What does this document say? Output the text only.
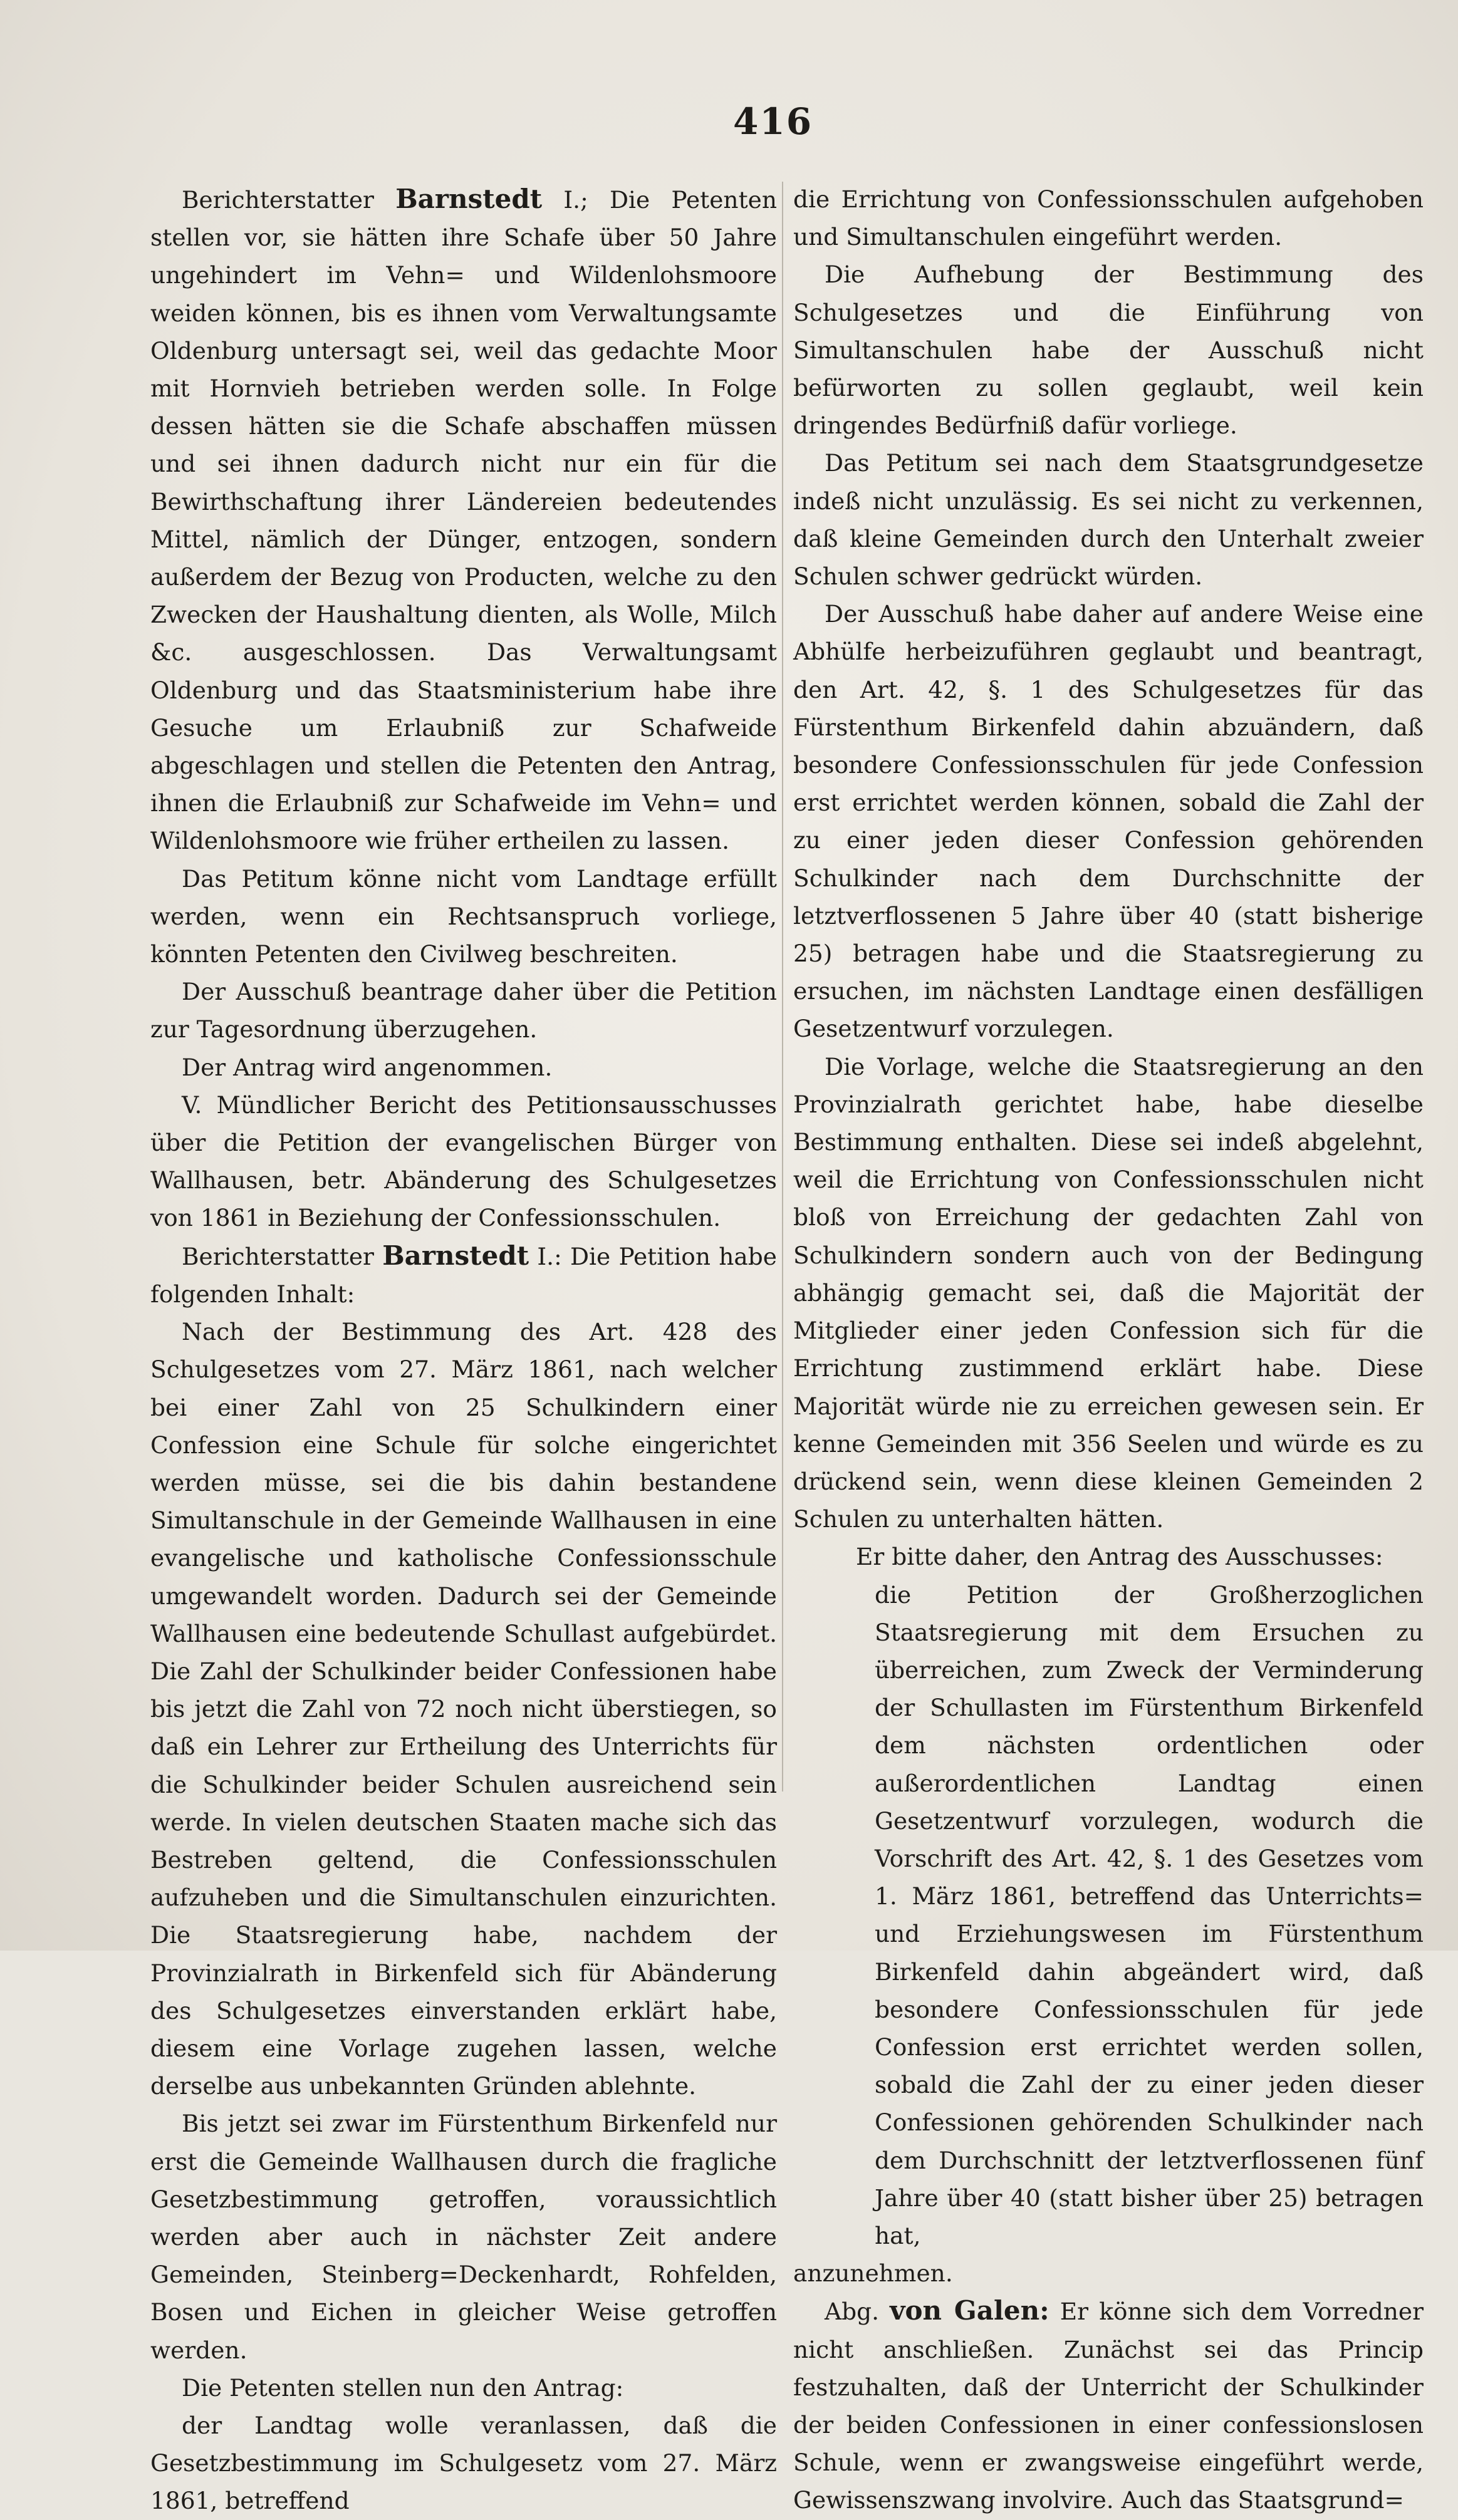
416

Berichterstatter Barnstedt I.; Die Petenten stellen vor, sie hätten ihre Schafe über 50 Jahre ungehindert im Vehn= und Wildenlohsmoore weiden können, bis es ihnen vom Verwaltungsamte Oldenburg untersagt sei, weil das gedachte Moor mit Hornvieh betrieben werden solle. In Folge dessen hätten sie die Schafe abschaffen müssen und sei ihnen dadurch nicht nur ein für die Bewirthschaftung ihrer Ländereien bedeutendes Mittel, nämlich der Dünger, entzogen, sondern außerdem der Bezug von Producten, welche zu den Zwecken der Haushaltung dienten, als Wolle, Milch &c. ausgeschlossen. Das Verwaltungsamt Oldenburg und das Staatsministerium habe ihre Gesuche um Erlaubniß zur Schafweide abgeschlagen und stellen die Petenten den Antrag, ihnen die Erlaubniß zur Schafweide im Vehn= und Wildenlohsmoore wie früher ertheilen zu lassen.

Das Petitum könne nicht vom Landtage erfüllt werden, wenn ein Rechtsanspruch vorliege, könnten Petenten den Civilweg beschreiten.

Der Ausschuß beantrage daher über die Petition zur Tagesordnung überzugehen.

Der Antrag wird angenommen.

V. Mündlicher Bericht des Petitionsausschusses über die Petition der evangelischen Bürger von Wallhausen, betr. Abänderung des Schulgesetzes von 1861 in Beziehung der Confessionsschulen.

Berichterstatter Barnstedt I.: Die Petition habe folgenden Inhalt:

Nach der Bestimmung des Art. 428 des Schulgesetzes vom 27. März 1861, nach welcher bei einer Zahl von 25 Schulkindern einer Confession eine Schule für solche eingerichtet werden müsse, sei die bis dahin bestandene Simultanschule in der Gemeinde Wallhausen in eine evangelische und katholische Confessionsschule umgewandelt worden. Dadurch sei der Gemeinde Wallhausen eine bedeutende Schullast aufgebürdet. Die Zahl der Schulkinder beider Confessionen habe bis jetzt die Zahl von 72 noch nicht überstiegen, so daß ein Lehrer zur Ertheilung des Unterrichts für die Schulkinder beider Schulen ausreichend sein werde. In vielen deutschen Staaten mache sich das Bestreben geltend, die Confessionsschulen aufzuheben und die Simultanschulen einzurichten. Die Staatsregierung habe, nachdem der Provinzialrath in Birkenfeld sich für Abänderung des Schulgesetzes einverstanden erklärt habe, diesem eine Vorlage zugehen lassen, welche derselbe aus unbekannten Gründen ablehnte.

Bis jetzt sei zwar im Fürstenthum Birkenfeld nur erst die Gemeinde Wallhausen durch die fragliche Gesetzbestimmung getroffen, voraussichtlich werden aber auch in nächster Zeit andere Gemeinden, Steinberg=Deckenhardt, Rohfelden, Bosen und Eichen in gleicher Weise getroffen werden.

Die Petenten stellen nun den Antrag:

der Landtag wolle veranlassen, daß die Gesetzbestimmung im Schulgesetz vom 27. März 1861, betreffend

die Errichtung von Confessionsschulen aufgehoben und Simultanschulen eingeführt werden.

Die Aufhebung der Bestimmung des Schulgesetzes und die Einführung von Simultanschulen habe der Ausschuß nicht befürworten zu sollen geglaubt, weil kein dringendes Bedürfniß dafür vorliege.

Das Petitum sei nach dem Staatsgrundgesetze indeß nicht unzulässig. Es sei nicht zu verkennen, daß kleine Gemeinden durch den Unterhalt zweier Schulen schwer gedrückt würden.

Der Ausschuß habe daher auf andere Weise eine Abhülfe herbeizuführen geglaubt und beantragt, den Art. 42, §. 1 des Schulgesetzes für das Fürstenthum Birkenfeld dahin abzuändern, daß besondere Confessionsschulen für jede Confession erst errichtet werden können, sobald die Zahl der zu einer jeden dieser Confession gehörenden Schulkinder nach dem Durchschnitte der letztverflossenen 5 Jahre über 40 (statt bisherige 25) betragen habe und die Staatsregierung zu ersuchen, im nächsten Landtage einen desfälligen Gesetzentwurf vorzulegen.

Die Vorlage, welche die Staatsregierung an den Provinzialrath gerichtet habe, habe dieselbe Bestimmung enthalten. Diese sei indeß abgelehnt, weil die Errichtung von Confessionsschulen nicht bloß von Erreichung der gedachten Zahl von Schulkindern sondern auch von der Bedingung abhängig gemacht sei, daß die Majorität der Mitglieder einer jeden Confession sich für die Errichtung zustimmend erklärt habe. Diese Majorität würde nie zu erreichen gewesen sein. Er kenne Gemeinden mit 356 Seelen und würde es zu drückend sein, wenn diese kleinen Gemeinden 2 Schulen zu unterhalten hätten.

Er bitte daher, den Antrag des Ausschusses:

die Petition der Großherzoglichen Staatsregierung mit dem Ersuchen zu überreichen, zum Zweck der Verminderung der Schullasten im Fürstenthum Birkenfeld dem nächsten ordentlichen oder außerordentlichen Landtag einen Gesetzentwurf vorzulegen, wodurch die Vorschrift des Art. 42, §. 1 des Gesetzes vom 1. März 1861, betreffend das Unterrichts= und Erziehungswesen im Fürstenthum Birkenfeld dahin abgeändert wird, daß besondere Confessionsschulen für jede Confession erst errichtet werden sollen, sobald die Zahl der zu einer jeden dieser Confessionen gehörenden Schulkinder nach dem Durchschnitt der letztverflossenen fünf Jahre über 40 (statt bisher über 25) betragen hat,

anzunehmen.

Abg. von Galen: Er könne sich dem Vorredner nicht anschließen. Zunächst sei das Princip festzuhalten, daß der Unterricht der Schulkinder der beiden Confessionen in einer confessionslosen Schule, wenn er zwangsweise eingeführt werde, Gewissenszwang involvire. Auch das Staatsgrund=
